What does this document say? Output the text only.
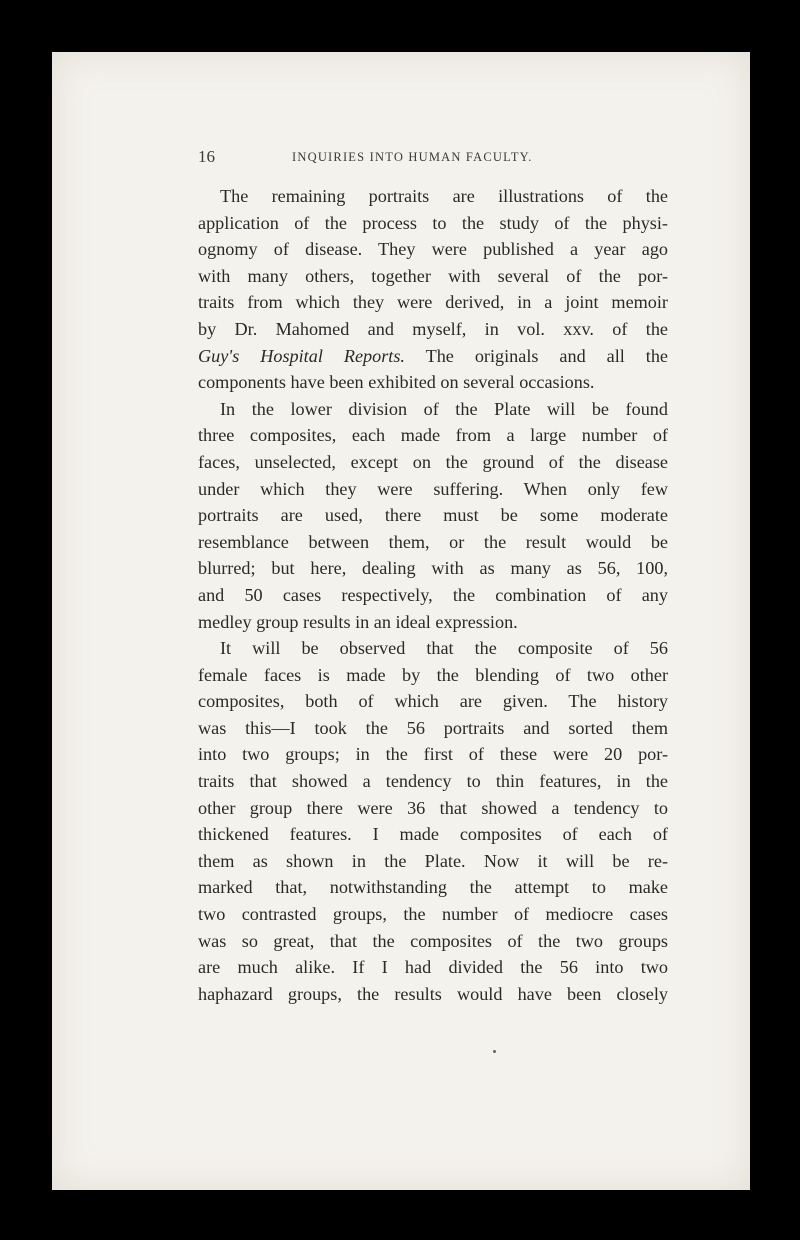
16	INQUIRIES INTO HUMAN FACULTY.
The remaining portraits are illustrations of the
application of the process to the study of the physi-
ognomy of disease. They were published a year ago
with many others, together with several of the por-
traits from which they were derived, in a joint memoir
by Dr. Mahomed and myself, in vol. xxv. of the
Guy's Hospital Reports. The originals and all the
components have been exhibited on several occasions.
In the lower division of the Plate will be found
three composites, each made from a large number of
faces, unselected, except on the ground of the disease
under which they were suffering. When only few
portraits are used, there must be some moderate
resemblance between them, or the result would be
blurred; but here, dealing with as many as 56, 100,
and 50 cases respectively, the combination of any
medley group results in an ideal expression.
It will be observed that the composite of 56
female faces is made by the blending of two other
composites, both of which are given. The history
was this—I took the 56 portraits and sorted them
into two groups; in the first of these were 20 por-
traits that showed a tendency to thin features, in the
other group there were 36 that showed a tendency to
thickened features. I made composites of each of
them as shown in the Plate. Now it will be re-
marked that, notwithstanding the attempt to make
two contrasted groups, the number of mediocre cases
was so great, that the composites of the two groups
are much alike. If I had divided the 56 into two
haphazard groups, the results would have been closely
